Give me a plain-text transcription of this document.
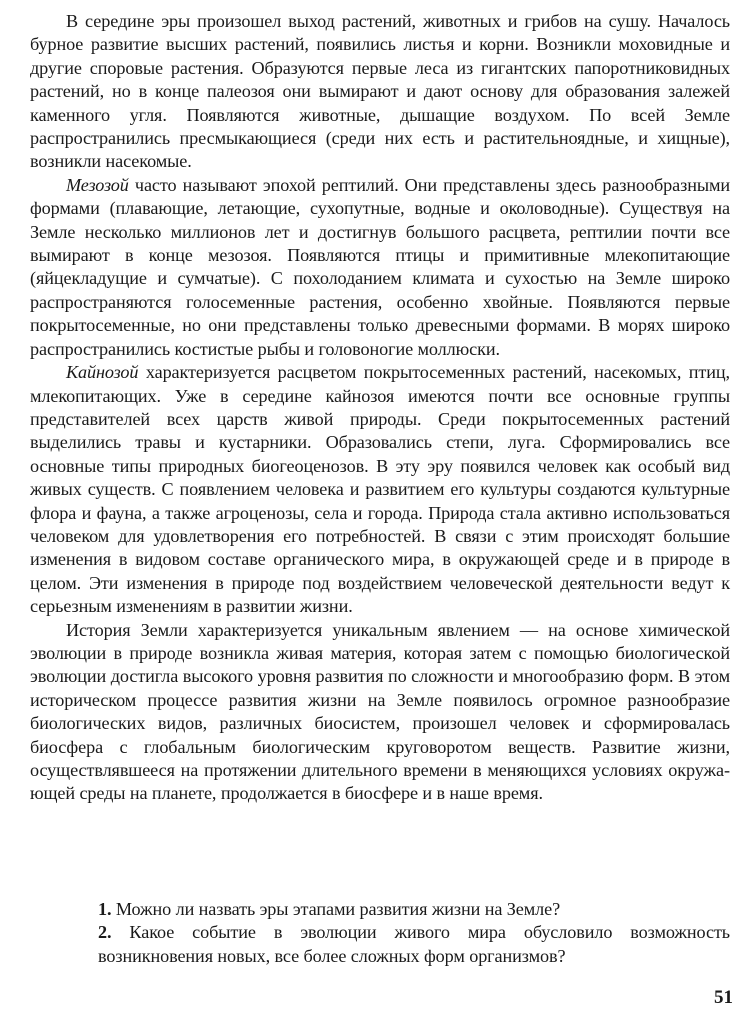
В середине эры произошел выход растений, животных и грибов на сушу. Началось бурное развитие высших растений, появились листья и корни. Возникли моховидные и другие споровые растения. Образуются первые леса из гигантских папоротниковидных растений, но в конце палеозоя они вымирают и дают основу для образования залежей каменного угля. Появляются животные, дышащие воздухом. По всей Земле распространились пресмыкающиеся (среди них есть и растительноядные, и хищные), возникли насекомые.

Мезозой часто называют эпохой рептилий. Они представлены здесь разнообразными формами (плавающие, летающие, сухопутные, водные и околоводные). Существуя на Земле несколько миллионов лет и достигнув большого расцвета, рептилии почти все вымирают в конце мезозоя. Появляются птицы и примитивные млекопитающие (яйцекладущие и сумчатые). С похолоданием климата и сухостью на Земле широко распространяются голосеменные растения, особенно хвойные. Появляются первые покрытосеменные, но они представлены только древесными формами. В морях широко распространились костистые рыбы и головоногие моллюски.

Кайнозой характеризуется расцветом покрытосеменных растений, насекомых, птиц, млекопитающих. Уже в середине кайнозоя имеются почти все основные группы представителей всех царств живой природы. Среди покрытосеменных растений выделились травы и кустарники. Образовались степи, луга. Сформировались все основные типы природных биогеоценозов. В эту эру появился человек как особый вид живых существ. С появлением человека и развитием его культуры создаются культурные флора и фауна, а также агроценозы, села и города. Природа стала активно использоваться человеком для удовлетворения его потребностей. В связи с этим происходят большие изменения в видовом составе органического мира, в окружающей среде и в природе в целом. Эти изменения в природе под воздействием человеческой деятельности ведут к серьезным изменениям в развитии жизни.

История Земли характеризуется уникальным явлением — на основе химической эволюции в природе возникла живая материя, которая затем с помощью биологической эволюции достигла высокого уровня развития по сложности и многообразию форм. В этом историческом процессе развития жизни на Земле появилось огромное разнообразие биологических видов, различных биосистем, произошел человек и сформировалась биосфера с глобальным биологическим круговоротом веществ. Развитие жизни, осуществлявшееся на протяжении длительного времени в меняющихся условиях окружающей среды на планете, продолжается в биосфере и в наше время.

1. Можно ли назвать эры этапами развития жизни на Земле?

2. Какое событие в эволюции живого мира обусловило возможность возникновения новых, все более сложных форм организмов?

51
